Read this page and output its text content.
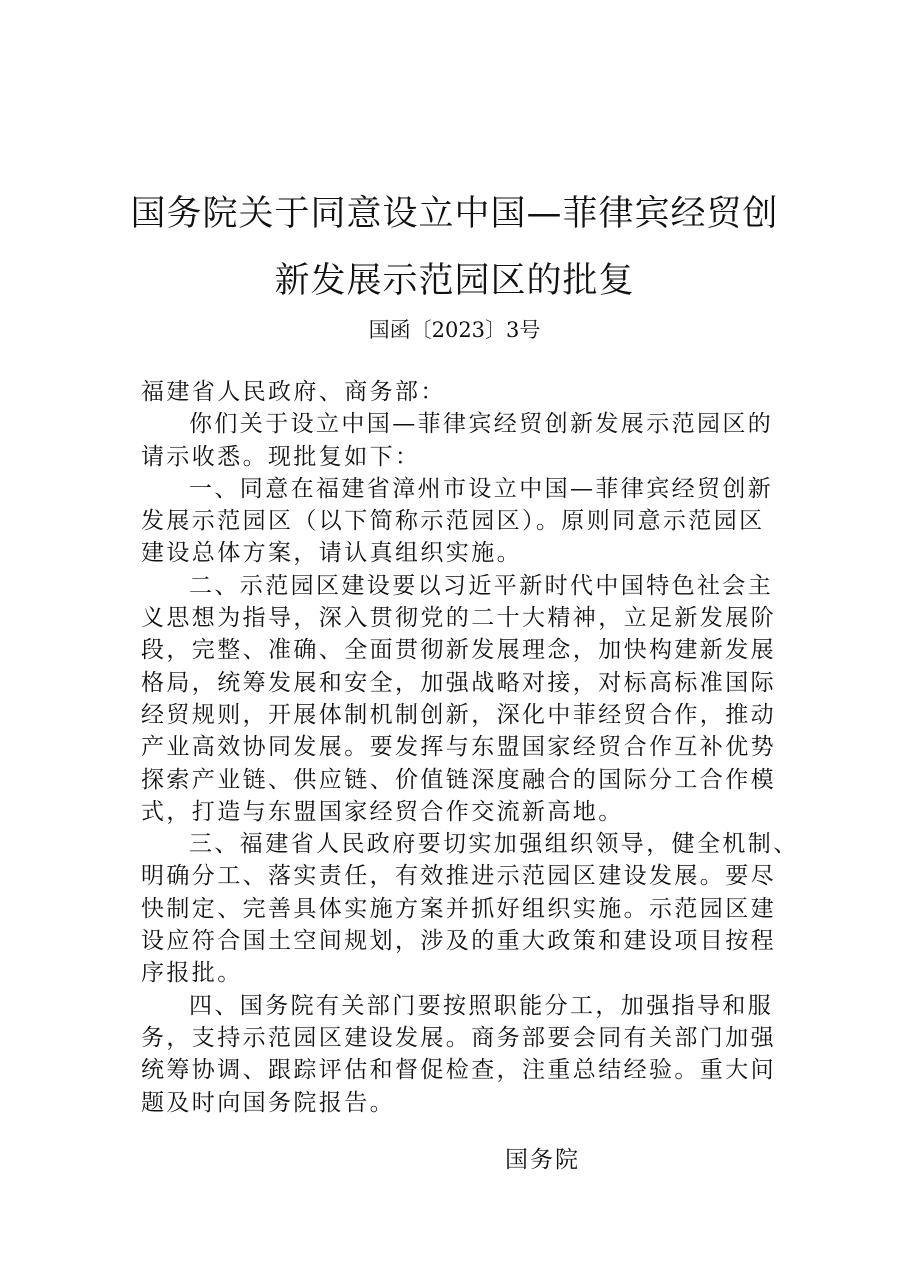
国务院关于同意设立中国—菲律宾经贸创
新发展示范园区的批复
国函〔2023〕3号
福建省人民政府、商务部：
你们关于设立中国—菲律宾经贸创新发展示范园区的
请示收悉。现批复如下：
一、同意在福建省漳州市设立中国—菲律宾经贸创新
发展示范园区（以下简称示范园区）。原则同意示范园区
建设总体方案，请认真组织实施。
二、示范园区建设要以习近平新时代中国特色社会主
义思想为指导，深入贯彻党的二十大精神，立足新发展阶
段，完整、准确、全面贯彻新发展理念，加快构建新发展
格局，统筹发展和安全，加强战略对接，对标高标准国际
经贸规则，开展体制机制创新，深化中菲经贸合作，推动
产业高效协同发展。要发挥与东盟国家经贸合作互补优势
探索产业链、供应链、价值链深度融合的国际分工合作模
式，打造与东盟国家经贸合作交流新高地。
三、福建省人民政府要切实加强组织领导，健全机制、
明确分工、落实责任，有效推进示范园区建设发展。要尽
快制定、完善具体实施方案并抓好组织实施。示范园区建
设应符合国土空间规划，涉及的重大政策和建设项目按程
序报批。
四、国务院有关部门要按照职能分工，加强指导和服
务，支持示范园区建设发展。商务部要会同有关部门加强
统筹协调、跟踪评估和督促检查，注重总结经验。重大问
题及时向国务院报告。
国务院
